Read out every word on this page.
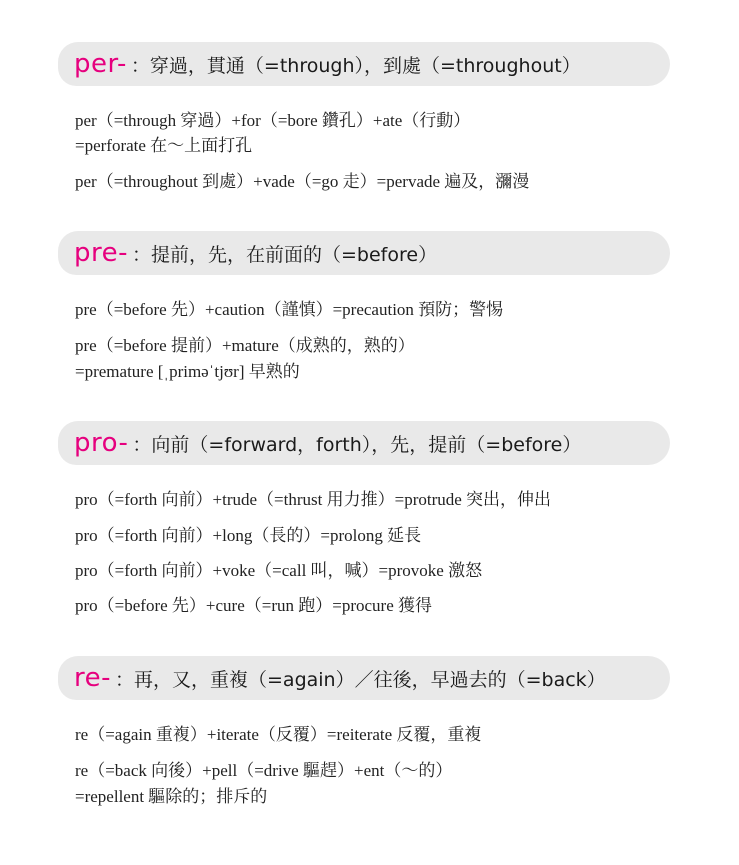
per- ：穿過，貫通（=through），到處（=throughout）
per（=through 穿過）+for（=bore 鑽孔）+ate（行動）
=perforate 在～上面打孔
per（=throughout 到處）+vade（=go 走）=pervade 遍及，瀰漫
pre- ：提前，先，在前面的（=before）
pre（=before 先）+caution（謹慎）=precaution 預防；警惕
pre（=before 提前）+mature（成熟的，熟的）
=premature [ˌpriməˈtjʊr] 早熟的
pro- ：向前（=forward，forth），先，提前（=before）
pro（=forth 向前）+trude（=thrust 用力推）=protrude 突出，伸出
pro（=forth 向前）+long（長的）=prolong 延長
pro（=forth 向前）+voke（=call 叫，喊）=provoke 激怒
pro（=before 先）+cure（=run 跑）=procure 獲得
re- ：再，又，重複（=again）／往後，早過去的（=back）
re（=again 重複）+iterate（反覆）=reiterate 反覆，重複
re（=back 向後）+pell（=drive 驅趕）+ent（～的）
=repellent 驅除的；排斥的
